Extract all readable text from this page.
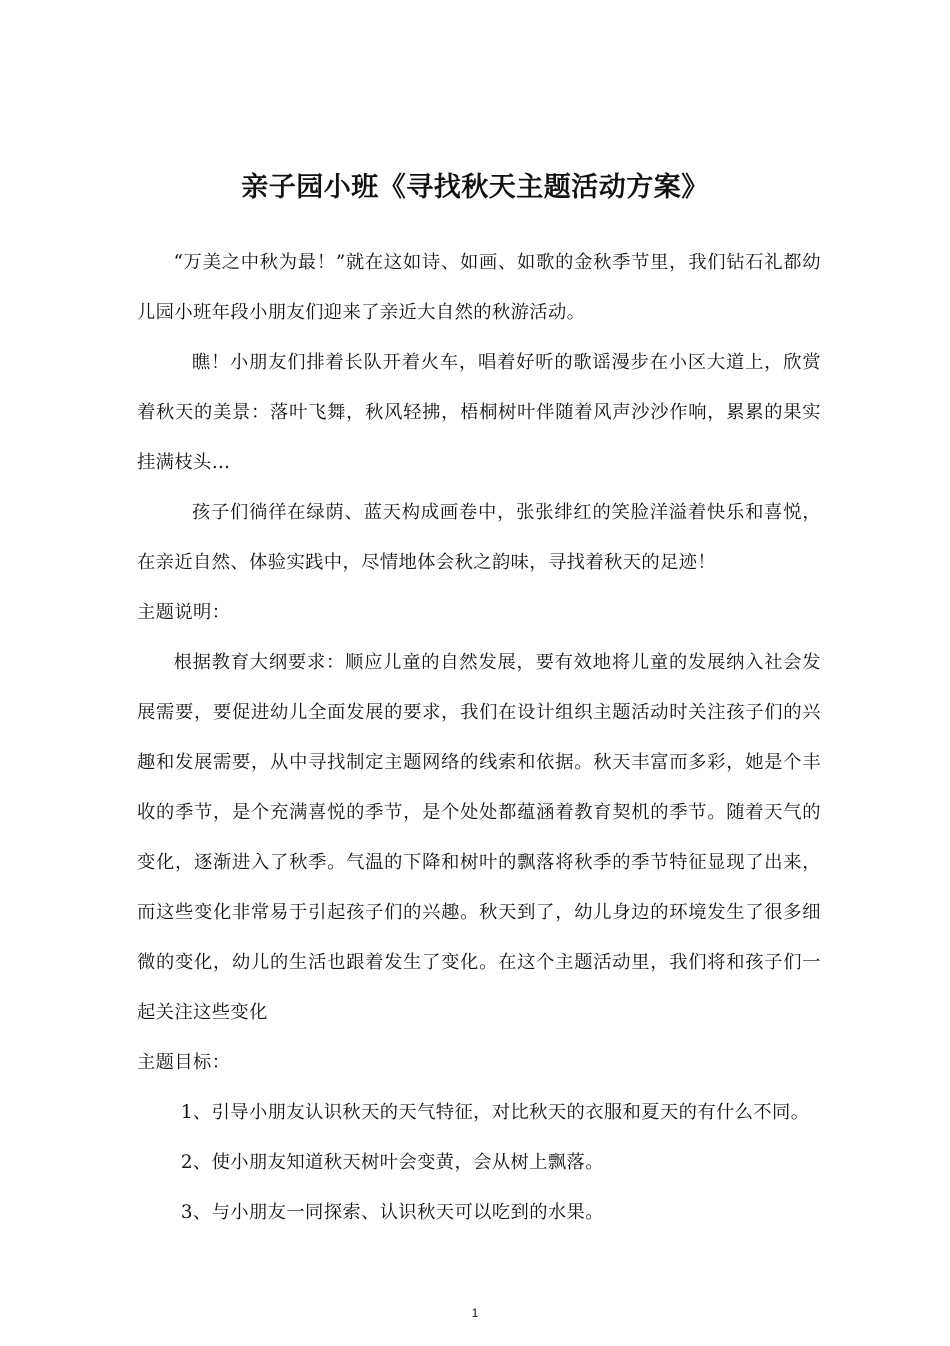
亲子园小班《寻找秋天主题活动方案》

“万美之中秋为最！”就在这如诗、如画、如歌的金秋季节里，我们钻石礼都幼儿园小班年段小朋友们迎来了亲近大自然的秋游活动。

瞧！小朋友们排着长队开着火车，唱着好听的歌谣漫步在小区大道上，欣赏着秋天的美景：落叶飞舞，秋风轻拂，梧桐树叶伴随着风声沙沙作响，累累的果实挂满枝头…

孩子们徜徉在绿荫、蓝天构成画卷中，张张绯红的笑脸洋溢着快乐和喜悦，在亲近自然、体验实践中，尽情地体会秋之韵味，寻找着秋天的足迹！

主题说明：

根据教育大纲要求：顺应儿童的自然发展，要有效地将儿童的发展纳入社会发展需要，要促进幼儿全面发展的要求，我们在设计组织主题活动时关注孩子们的兴趣和发展需要，从中寻找制定主题网络的线索和依据。秋天丰富而多彩，她是个丰收的季节，是个充满喜悦的季节，是个处处都蕴涵着教育契机的季节。随着天气的变化，逐渐进入了秋季。气温的下降和树叶的飘落将秋季的季节特征显现了出来，而这些变化非常易于引起孩子们的兴趣。秋天到了，幼儿身边的环境发生了很多细微的变化，幼儿的生活也跟着发生了变化。在这个主题活动里，我们将和孩子们一起关注这些变化

主题目标：

1、引导小朋友认识秋天的天气特征，对比秋天的衣服和夏天的有什么不同。

2、使小朋友知道秋天树叶会变黄，会从树上飘落。

3、与小朋友一同探索、认识秋天可以吃到的水果。

1
